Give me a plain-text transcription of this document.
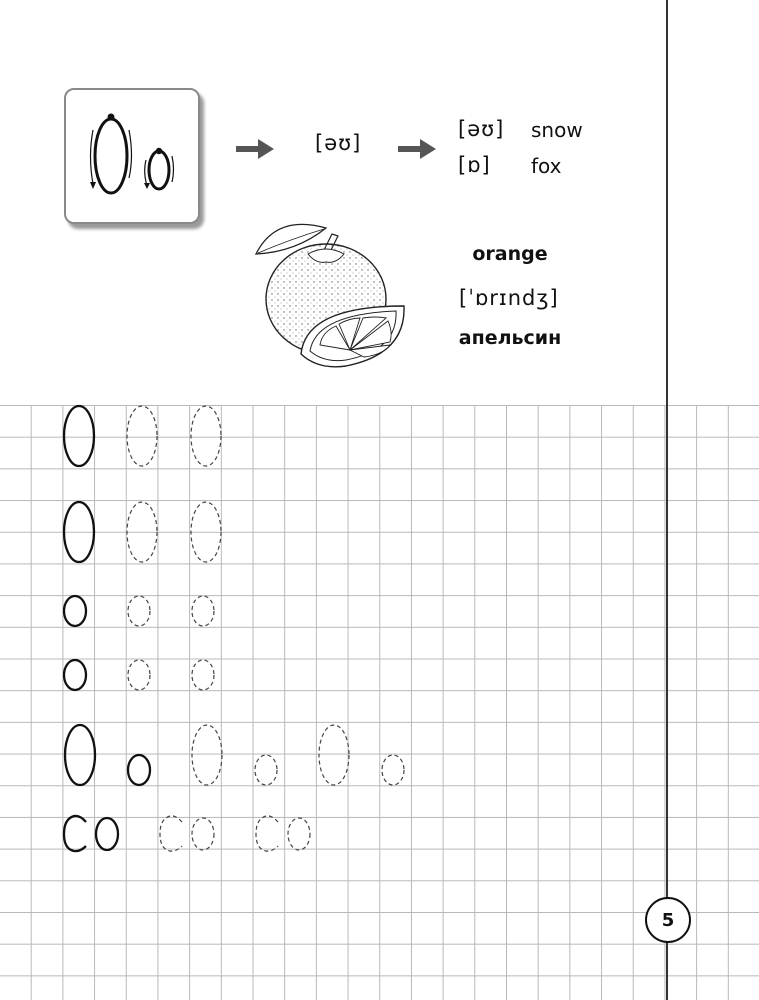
[əʊ]
[əʊ] snow
[ɒ] fox
orange
[ˈɒrɪndʒ]
апельсин
5
